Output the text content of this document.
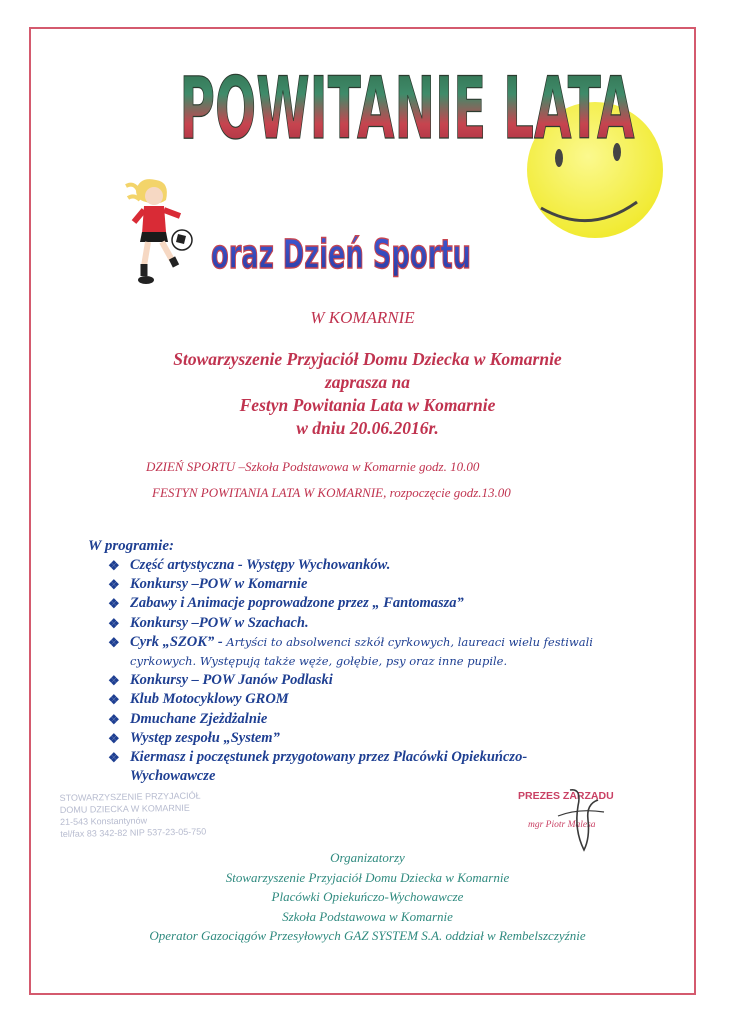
POWITANIE LATA
oraz Dzień Sportu

W KOMARNIE

Stowarzyszenie Przyjaciół Domu Dziecka w Komarnie
zaprasza na
Festyn Powitania Lata w Komarnie
w dniu 20.06.2016r.

DZIEŃ SPORTU –Szkoła Podstawowa w Komarnie godz. 10.00

FESTYN POWITANIA LATA W KOMARNIE, rozpoczęcie godz.13.00

W programie:

❖ Część artystyczna - Występy Wychowanków.
❖ Konkursy –POW w Komarnie
❖ Zabawy i Animacje poprowadzone przez „ Fantomasza”
❖ Konkursy –POW w Szachach.
❖ Cyrk „SZOK” - Artyści to absolwenci szkół cyrkowych, laureaci wielu festiwali
cyrkowych. Występują także węże, gołębie, psy oraz inne pupile.
❖ Konkursy – POW Janów Podlaski
❖ Klub Motocyklowy GROM
❖ Dmuchane Zjeżdżalnie
❖ Występ zespołu „System”
❖ Kiermasz i poczęstunek przygotowany przez Placówki Opiekuńczo-
Wychowawcze
STOWARZYSZENIE PRZYJACIÓŁ
DOMU DZIECKA W KOMARNIE
21-543 Konstantynów
tel/fax 83 342-82 NIP 537-23-05-750
PREZES ZARZĄDU
mgr Piotr Malesa
Organizatorzy
Stowarzyszenie Przyjaciół Domu Dziecka w Komarnie
Placówki Opiekuńczo-Wychowawcze
Szkoła Podstawowa w Komarnie
Operator Gazociągów Przesyłowych GAZ SYSTEM S.A. oddział w Rembelszczyźnie
